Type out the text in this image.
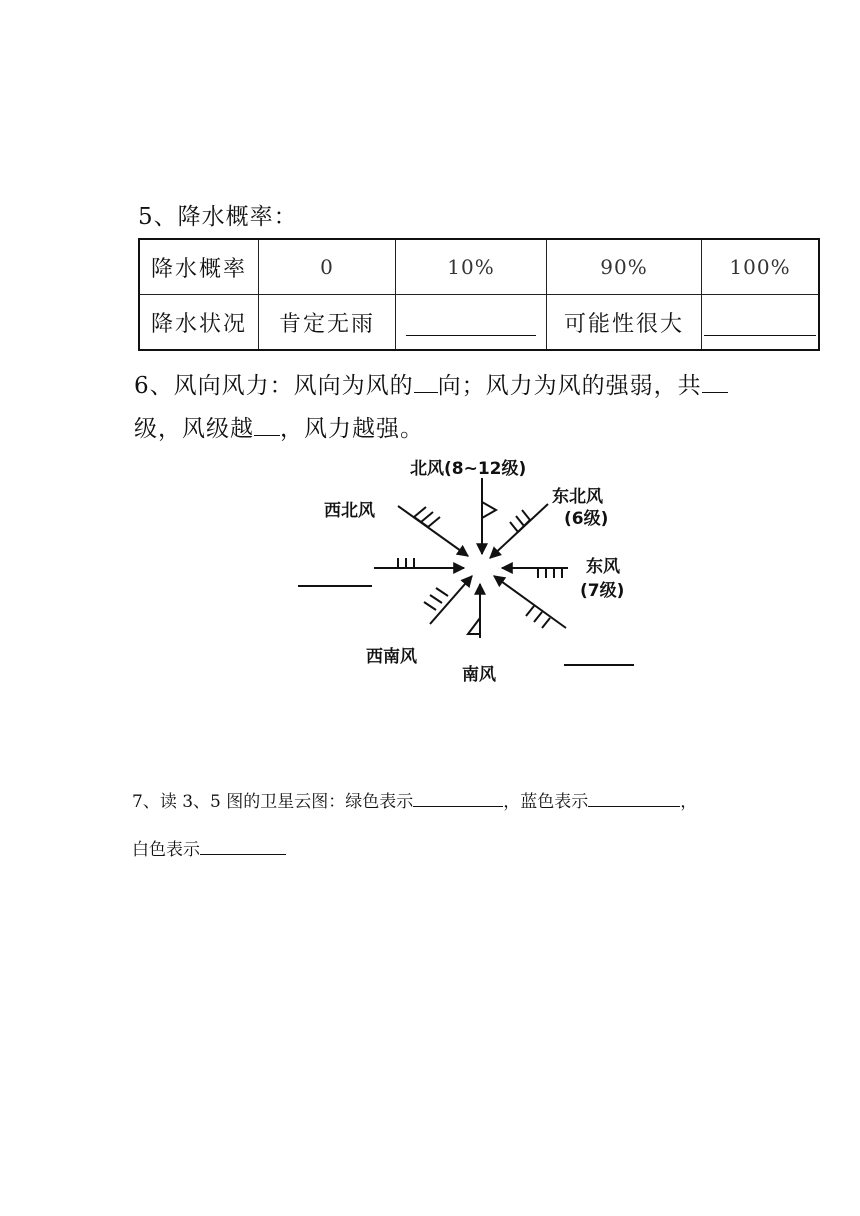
5、降水概率：
降水概率	0	10%	90%	100%
降水状况	肯定无雨		可能性很大	
6、风向风力：风向为风的 向；风力为风的强弱，共
级，风级越 ，风力越强。
北风(8~12级)
东北风
(6级)
西北风
东风
(7级)
西南风
南风
7、读 3、5 图的卫星云图：绿色表示	，蓝色表示	，
白色表示
